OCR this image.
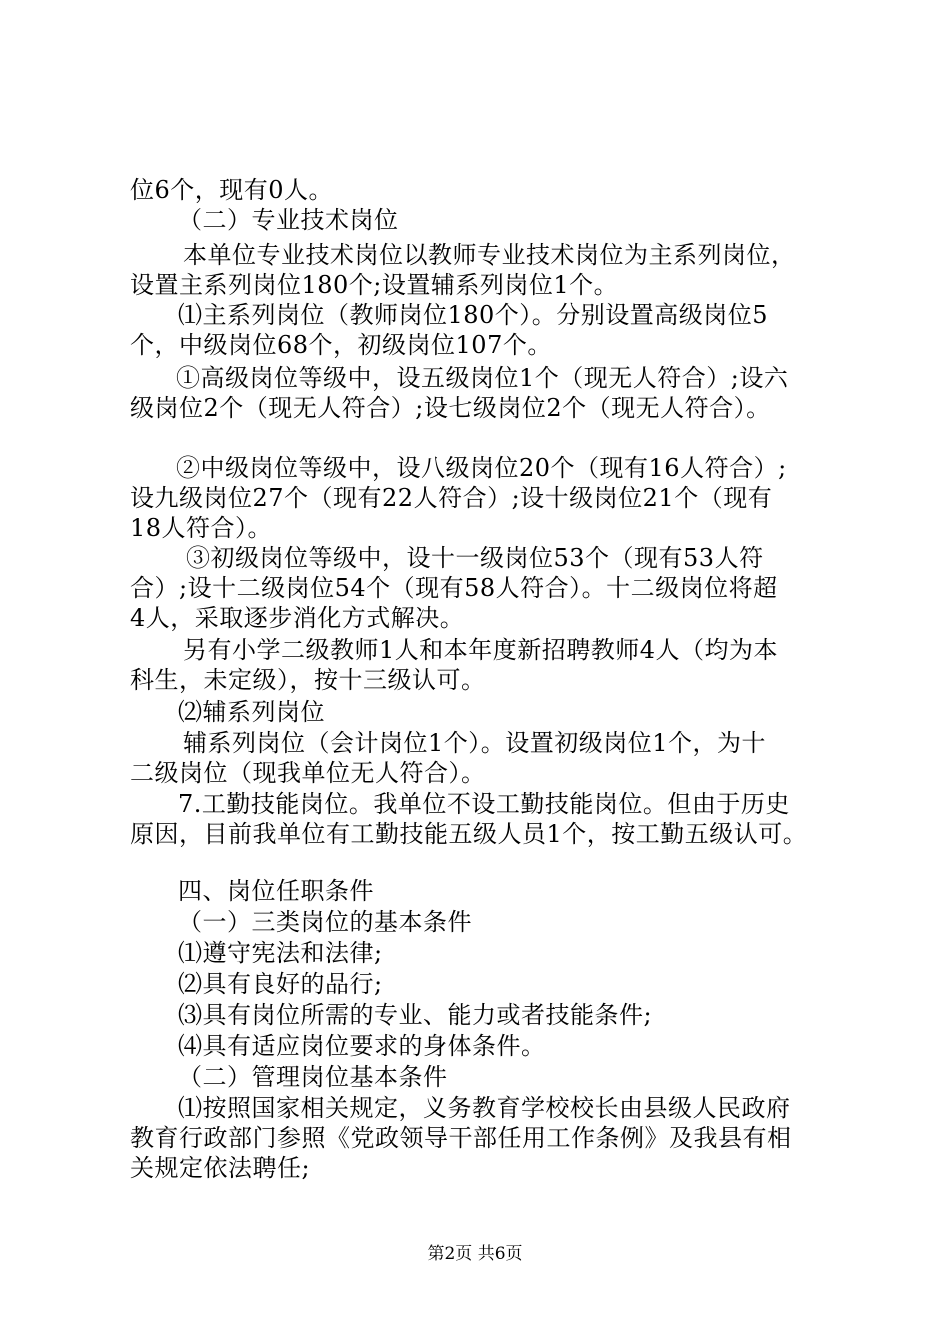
位6个，现有0人。
（二）专业技术岗位
本单位专业技术岗位以教师专业技术岗位为主系列岗位，
设置主系列岗位180个;设置辅系列岗位1个。
⑴主系列岗位（教师岗位180个）。分别设置高级岗位5
个，中级岗位68个，初级岗位107个。
①高级岗位等级中，设五级岗位1个（现无人符合）;设六
级岗位2个（现无人符合）;设七级岗位2个（现无人符合）。
②中级岗位等级中，设八级岗位20个（现有16人符合）;
设九级岗位27个（现有22人符合）;设十级岗位21个（现有
18人符合）。
③初级岗位等级中，设十一级岗位53个（现有53人符
合）;设十二级岗位54个（现有58人符合）。十二级岗位将超
4人，采取逐步消化方式解决。
另有小学二级教师1人和本年度新招聘教师4人（均为本
科生，未定级），按十三级认可。
⑵辅系列岗位
辅系列岗位（会计岗位1个）。设置初级岗位1个，为十
二级岗位（现我单位无人符合）。
7.工勤技能岗位。我单位不设工勤技能岗位。但由于历史
原因，目前我单位有工勤技能五级人员1个，按工勤五级认可。
四、岗位任职条件
（一）三类岗位的基本条件
⑴遵守宪法和法律;
⑵具有良好的品行;
⑶具有岗位所需的专业、能力或者技能条件;
⑷具有适应岗位要求的身体条件。
（二）管理岗位基本条件
⑴按照国家相关规定，义务教育学校校长由县级人民政府
教育行政部门参照《党政领导干部任用工作条例》及我县有相
关规定依法聘任;
第2页 共6页
